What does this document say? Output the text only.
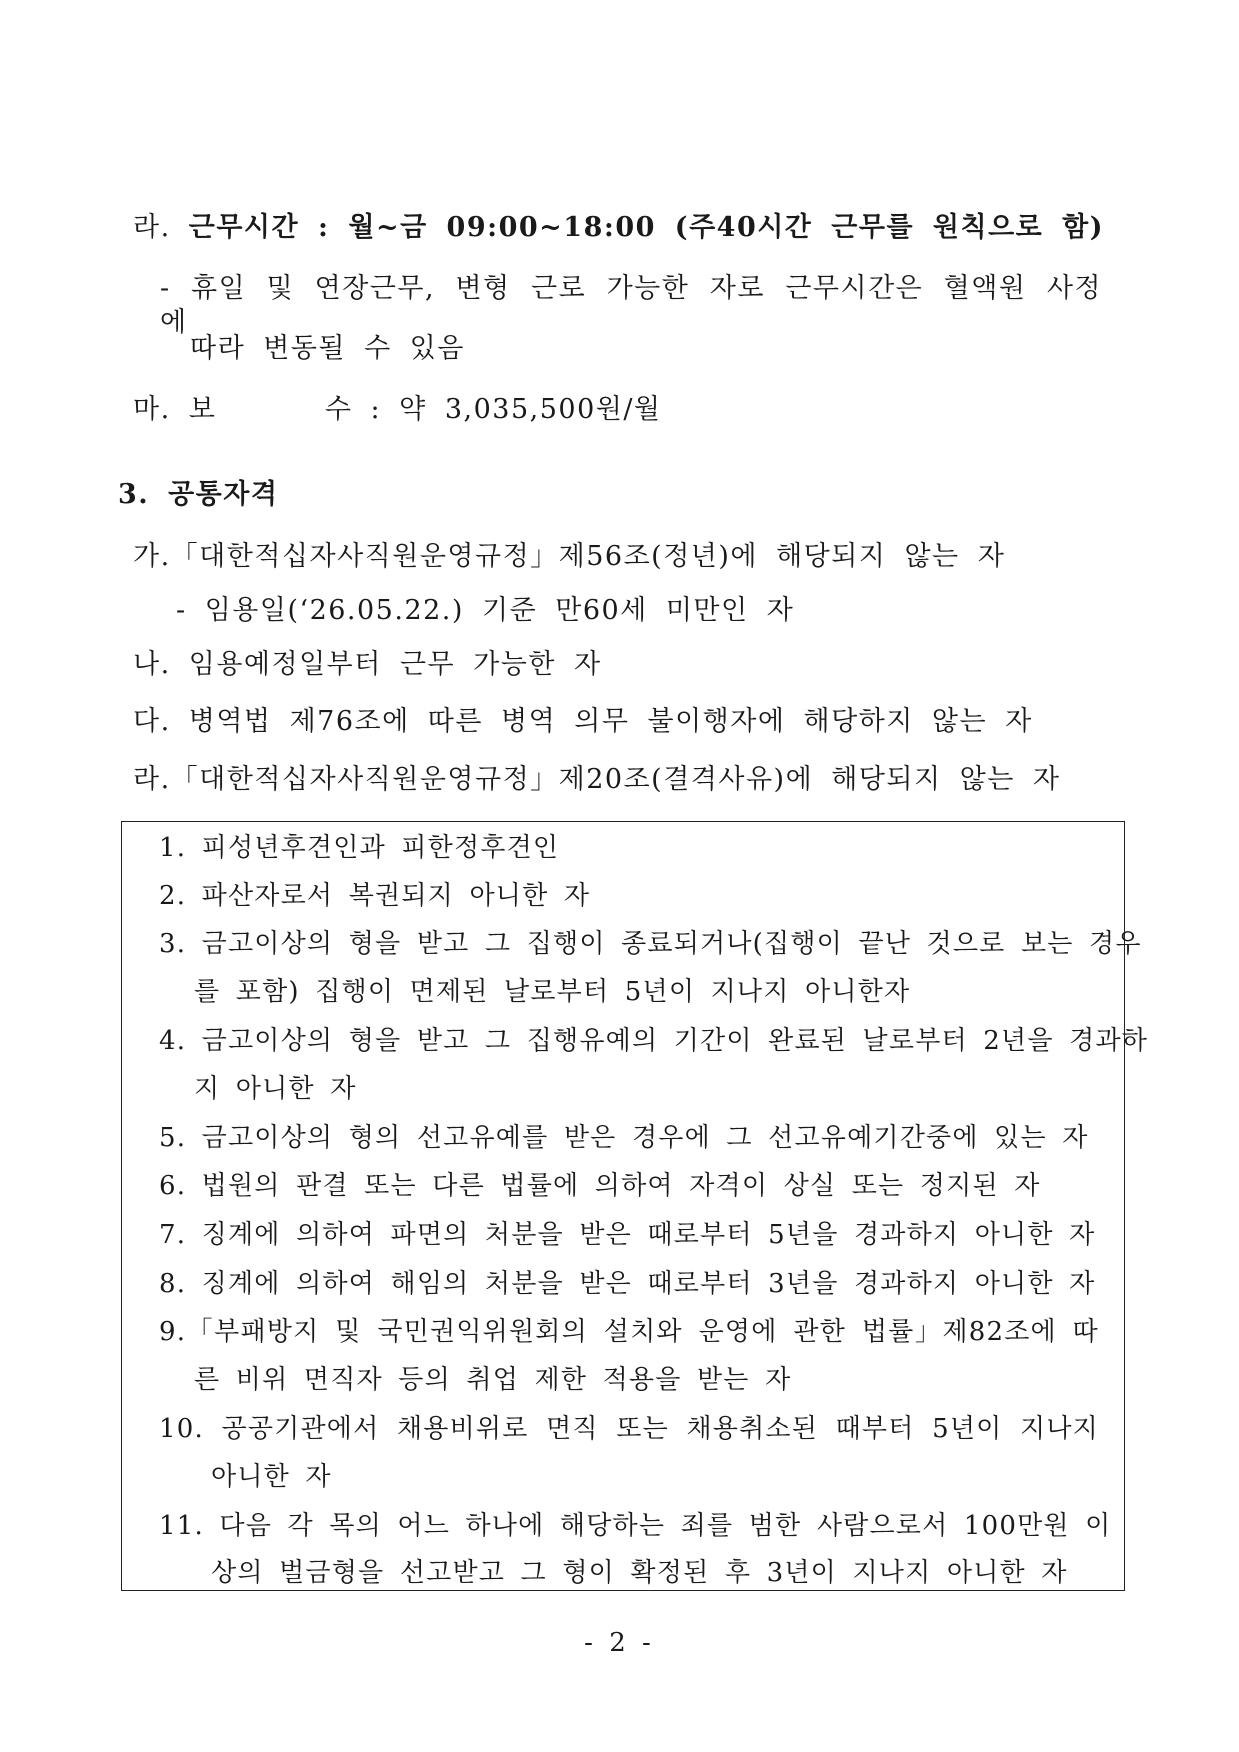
라. 근무시간 : 월~금 09:00~18:00 (주40시간 근무를 원칙으로 함)
- 휴일 및 연장근무, 변형 근로 가능한 자로 근무시간은 혈액원 사정에
따라 변동될 수 있음
마. 보      수 : 약 3,035,500원/월
3. 공통자격
가.「대한적십자사직원운영규정」제56조(정년)에 해당되지 않는 자
- 임용일(‘26.05.22.) 기준 만60세 미만인 자
나. 임용예정일부터 근무 가능한 자
다. 병역법 제76조에 따른 병역 의무 불이행자에 해당하지 않는 자
라.「대한적십자사직원운영규정」제20조(결격사유)에 해당되지 않는 자
1. 피성년후견인과 피한정후견인
2. 파산자로서 복권되지 아니한 자
3. 금고이상의 형을 받고 그 집행이 종료되거나(집행이 끝난 것으로 보는 경우
를 포함) 집행이 면제된 날로부터 5년이 지나지 아니한자
4. 금고이상의 형을 받고 그 집행유예의 기간이 완료된 날로부터 2년을 경과하
지 아니한 자
5. 금고이상의 형의 선고유예를 받은 경우에 그 선고유예기간중에 있는 자
6. 법원의 판결 또는 다른 법률에 의하여 자격이 상실 또는 정지된 자
7. 징계에 의하여 파면의 처분을 받은 때로부터 5년을 경과하지 아니한 자
8. 징계에 의하여 해임의 처분을 받은 때로부터 3년을 경과하지 아니한 자
9.「부패방지 및 국민권익위원회의 설치와 운영에 관한 법률」제82조에 따
른 비위 면직자 등의 취업 제한 적용을 받는 자
10. 공공기관에서 채용비위로 면직 또는 채용취소된 때부터 5년이 지나지
아니한 자
11. 다음 각 목의 어느 하나에 해당하는 죄를 범한 사람으로서 100만원 이
상의 벌금형을 선고받고 그 형이 확정된 후 3년이 지나지 아니한 자
- 2 -
